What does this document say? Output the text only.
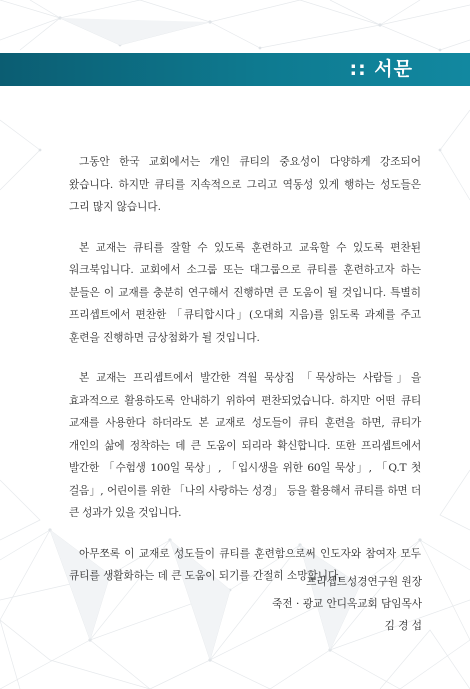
:: 서문

그동안 한국 교회에서는 개인 큐티의 중요성이 다양하게 강조되어 왔습니다. 하지만 큐티를 지속적으로 그리고 역동성 있게 행하는 성도들은 그리 많지 않습니다.

본 교재는 큐티를 잘할 수 있도록 훈련하고 교육할 수 있도록 편찬된 워크북입니다. 교회에서 소그룹 또는 대그룹으로 큐티를 훈련하고자 하는 분들은 이 교재를 충분히 연구해서 진행하면 큰 도움이 될 것입니다. 특별히 프리셉트에서 편찬한 「큐티합시다」(오대희 지음)를 읽도록 과제를 주고 훈련을 진행하면 금상첨화가 될 것입니다.

본 교재는 프리셉트에서 발간한 격월 묵상집 「묵상하는 사람들」을 효과적으로 활용하도록 안내하기 위하여 편찬되었습니다. 하지만 어떤 큐티 교재를 사용한다 하더라도 본 교재로 성도들이 큐티 훈련을 하면, 큐티가 개인의 삶에 정착하는 데 큰 도움이 되리라 확신합니다. 또한 프리셉트에서 발간한 「수험생 100일 묵상」, 「입시생을 위한 60일 묵상」, 「Q.T 첫 걸음」, 어린이를 위한 「나의 사랑하는 성경」 등을 활용해서 큐티를 하면 더 큰 성과가 있을 것입니다.

아무쪼록 이 교재로 성도들이 큐티를 훈련함으로써 인도자와 참여자 모두 큐티를 생활화하는 데 큰 도움이 되기를 간절히 소망합니다.

프리셉트성경연구원 원장
죽전 · 광교 안디옥교회 담임목사
김 경 섭
